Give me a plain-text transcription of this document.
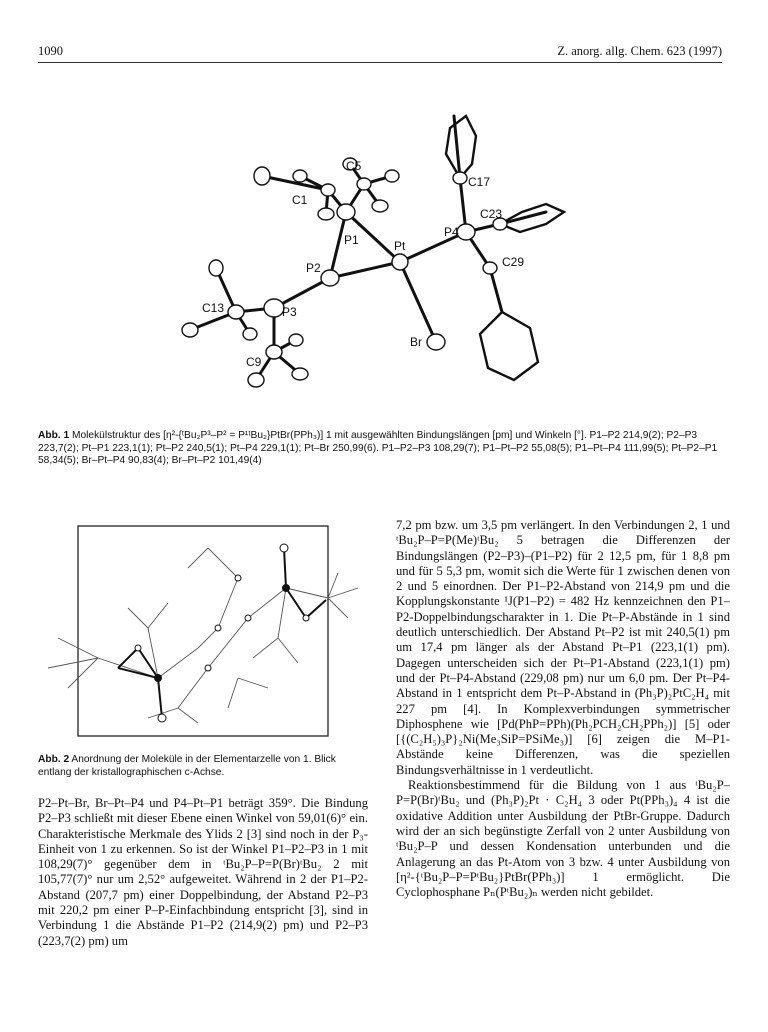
1090	Z. anorg. allg. Chem. 623 (1997)
C5
C1
P1	Pt
P2
P4
C17
C23
C29
C13	P3
Br
C9
Abb. 1 Molekülstruktur des [η²-{ᵗBu₂P³–P² = P¹ᵗBu₂}PtBr(PPh₃)] 1 mit ausgewählten Bindungslängen [pm] und Winkeln [°]. P1–P2 214,9(2); P2–P3 223,7(2); Pt–P1 223,1(1); Pt–P2 240,5(1); Pt–P4 229,1(1); Pt–Br 250,99(6). P1–P2–P3 108,29(7); P1–Pt–P2 55,08(5); P1–Pt–P4 111,99(5); Pt–P2–P1 58,34(5); Br–Pt–P4 90,83(4); Br–Pt–P2 101,49(4)
Abb. 2 Anordnung der Moleküle in der Elementarzelle von 1. Blick entlang der kristallographischen c-Achse.

P2–Pt–Br, Br–Pt–P4 und P4–Pt–P1 beträgt 359°. Die Bindung P2–P3 schließt mit dieser Ebene einen Winkel von 59,01(6)° ein. Charakteristische Merkmale des Ylids 2 [3] sind noch in der P₃-Einheit von 1 zu erkennen. So ist der Winkel P1–P2–P3 in 1 mit 108,29(7)° gegenüber dem in ᵗBu₂P–P=P(Br)ᵗBu₂ 2 mit 105,77(7)° nur um 2,52° aufgeweitet. Während in 2 der P1–P2-Abstand (207,7 pm) einer Doppelbindung, der Abstand P2–P3 mit 220,2 pm einer P–P-Einfachbindung entspricht [3], sind in Verbindung 1 die Abstände P1–P2 (214,9(2) pm) und P2–P3 (223,7(2) pm) um

7,2 pm bzw. um 3,5 pm verlängert. In den Verbindungen 2, 1 und ᵗBu₂P–P=P(Me)ᵗBu₂ 5 betragen die Differenzen der Bindungslängen (P2–P3)–(P1–P2) für 2 12,5 pm, für 1 8,8 pm und für 5 5,3 pm, womit sich die Werte für 1 zwischen denen von 2 und 5 einordnen. Der P1–P2-Abstand von 214,9 pm und die Kopplungskonstante ¹J(P1–P2) = 482 Hz kennzeichnen den P1–P2-Doppelbindungscharakter in 1. Die Pt–P-Abstände in 1 sind deutlich unterschiedlich. Der Abstand Pt–P2 ist mit 240,5(1) pm um 17,4 pm länger als der Abstand Pt–P1 (223,1(1) pm). Dagegen unterscheiden sich der Pt–P1-Abstand (223,1(1) pm) und der Pt–P4-Abstand (229,08 pm) nur um 6,0 pm. Der Pt–P4-Abstand in 1 entspricht dem Pt–P-Abstand in (Ph₃P)₂PtC₂H₄ mit 227 pm [4]. In Komplexverbindungen symmetrischer Diphosphene wie [Pd(PhP=PPh)(Ph₂PCH₂CH₂PPh₂)] [5] oder [{(C₂H₅)₃P}₂Ni(Me₃SiP=PSiMe₃)] [6] zeigen die M–P1-Abstände keine Differenzen, was die speziellen Bindungsverhältnisse in 1 verdeutlicht.

Reaktionsbestimmend für die Bildung von 1 aus ᵗBu₂P–P=P(Br)ᵗBu₂ und (Ph₃P)₂Pt · C₂H₄ 3 oder Pt(PPh₃)₄ 4 ist die oxidative Addition unter Ausbildung der PtBr-Gruppe. Dadurch wird der an sich begünstigte Zerfall von 2 unter Ausbildung von ᵗBu₂P–P und dessen Kondensation unterbunden und die Anlagerung an das Pt-Atom von 3 bzw. 4 unter Ausbildung von [η²-{ᵗBu₂P–P=PᵗBu₂}PtBr(PPh₃)] 1 ermöglicht. Die Cyclophosphane Pₙ(PᵗBu₂)ₙ werden nicht gebildet.
